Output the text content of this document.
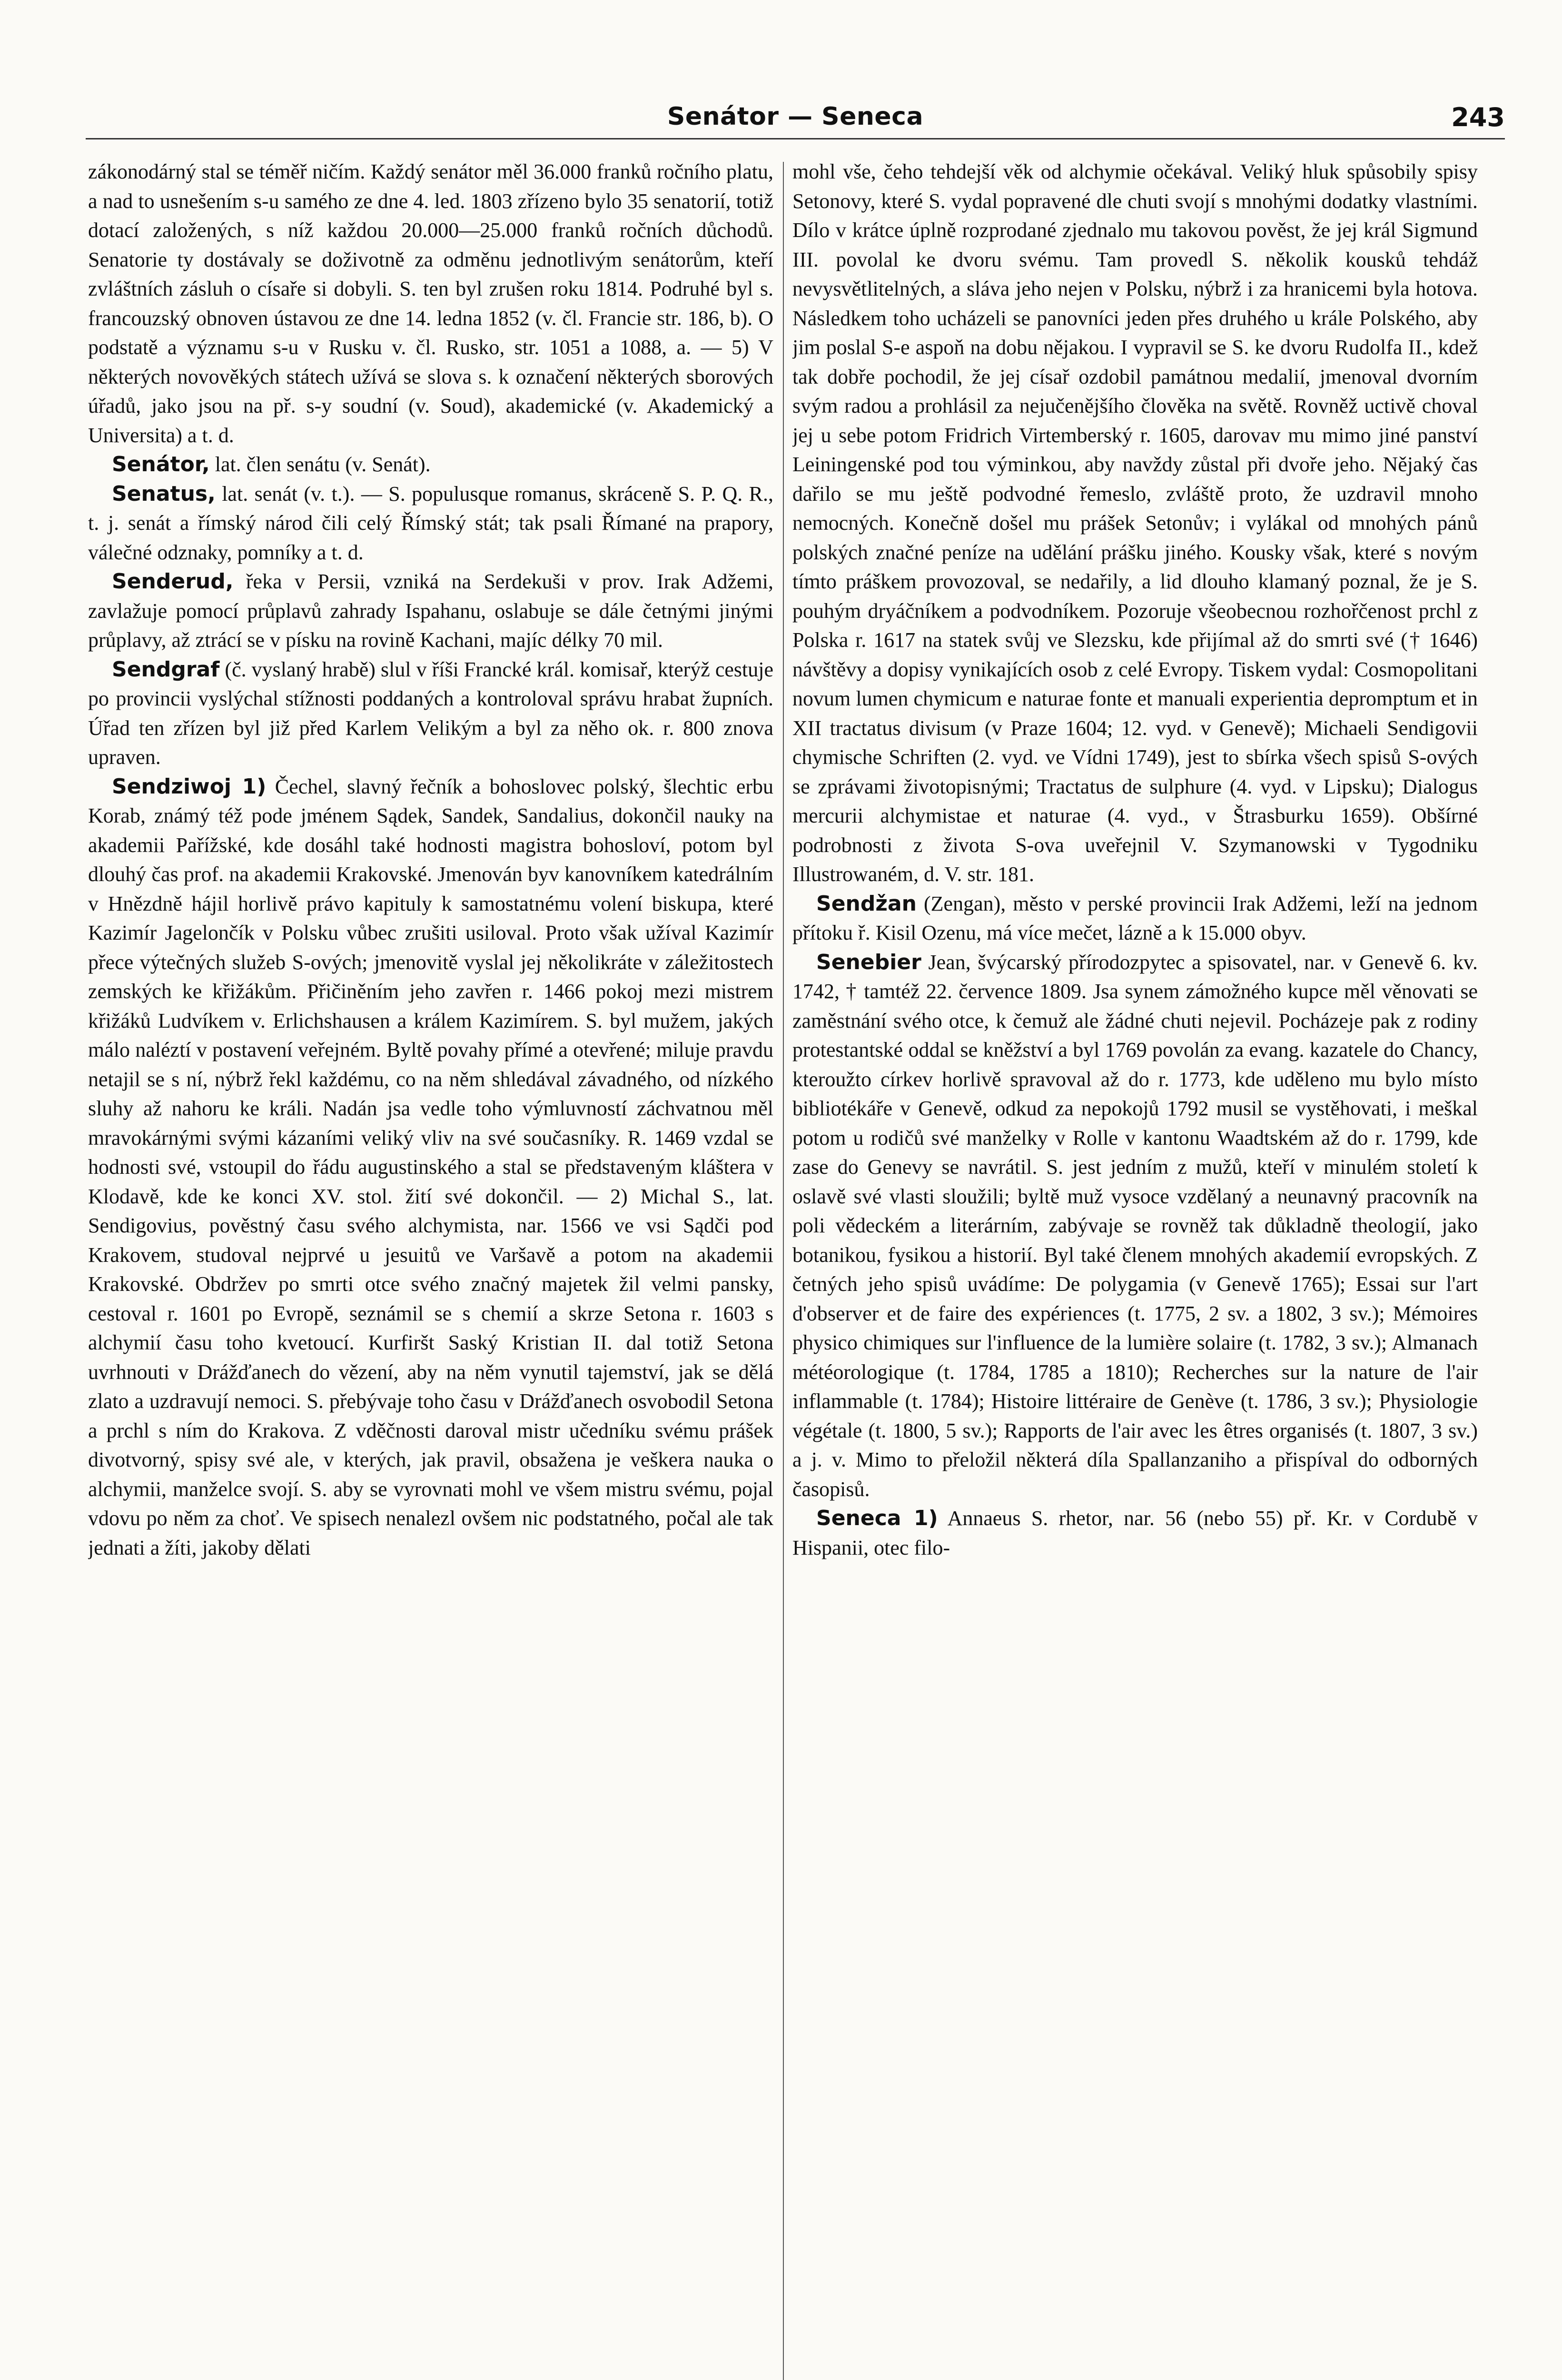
Senátor — Seneca	243

zákonodárný stal se téměř ničím. Každý senátor měl 36.000 franků ročního platu, a nad to usnešením s-u samého ze dne 4. led. 1803 zřízeno bylo 35 senatorií, totiž dotací založených, s níž každou 20.000—25.000 franků ročních důchodů. Senatorie ty dostávaly se doživotně za odměnu jednotlivým senátorům, kteří zvláštních zásluh o císaře si dobyli. S. ten byl zrušen roku 1814. Podruhé byl s. francouzský obnoven ústavou ze dne 14. ledna 1852 (v. čl. Francie str. 186, b). O podstatě a významu s-u v Rusku v. čl. Rusko, str. 1051 a 1088, a. — 5) V některých novověkých státech užívá se slova s. k označení některých sborových úřadů, jako jsou na př. s-y soudní (v. Soud), akademické (v. Akademický a Universita) a t. d.

Senátor, lat. člen senátu (v. Senát).

Senatus, lat. senát (v. t.). — S. populusque romanus, skráceně S. P. Q. R., t. j. senát a římský národ čili celý Římský stát; tak psali Římané na prapory, válečné odznaky, pomníky a t. d.

Senderud, řeka v Persii, vzniká na Serdekuši v prov. Irak Adžemi, zavlažuje pomocí průplavů zahrady Ispahanu, oslabuje se dále četnými jinými průplavy, až ztrácí se v písku na rovině Kachani, majíc délky 70 mil.

Sendgraf (č. vyslaný hrabě) slul v říši Francké král. komisař, kterýž cestuje po provincii vyslýchal stížnosti poddaných a kontroloval správu hrabat župních. Úřad ten zřízen byl již před Karlem Velikým a byl za něho ok. r. 800 znova upraven.

Sendziwoj 1) Čechel, slavný řečník a bohoslovec polský, šlechtic erbu Korab, známý též pode jménem Sądek, Sandek, Sandalius, dokončil nauky na akademii Pařížské, kde dosáhl také hodnosti magistra bohosloví, potom byl dlouhý čas prof. na akademii Krakovské. Jmenován byv kanovníkem katedrálním v Hnězdně hájil horlivě právo kapituly k samostatnému volení biskupa, které Kazimír Jagelončík v Polsku vůbec zrušiti usiloval. Proto však užíval Kazimír přece výtečných služeb S-ových; jmenovitě vyslal jej několikráte v záležitostech zemských ke křižákům. Přičiněním jeho zavřen r. 1466 pokoj mezi mistrem křižáků Ludvíkem v. Erlichshausen a králem Kazimírem. S. byl mužem, jakých málo naléztí v postavení veřejném. Byltě povahy přímé a otevřené; miluje pravdu netajil se s ní, nýbrž řekl každému, co na něm shledával závadného, od nízkého sluhy až nahoru ke králi. Nadán jsa vedle toho výmluvností záchvatnou měl mravokárnými svými kázaními veliký vliv na své současníky. R. 1469 vzdal se hodnosti své, vstoupil do řádu augustinského a stal se představeným kláštera v Klodavě, kde ke konci XV. stol. žití své dokončil. — 2) Michal S., lat. Sendigovius, pověstný času svého alchymista, nar. 1566 ve vsi Sądči pod Krakovem, studoval nejprvé u jesuitů ve Varšavě a potom na akademii Krakovské. Obdržev po smrti otce svého značný majetek žil velmi pansky, cestoval r. 1601 po Evropě, seznámil se s chemií a skrze Setona r. 1603 s alchymií času toho kvetoucí. Kurfiršt Saský Kristian II. dal totiž Setona uvrhnouti v Drážďanech do vězení, aby na něm vynutil tajemství, jak se dělá zlato a uzdravují nemoci. S. přebývaje toho času v Drážďanech osvobodil Setona a prchl s ním do Krakova. Z vděčnosti daroval mistr učedníku svému prášek divotvorný, spisy své ale, v kterých, jak pravil, obsažena je veškera nauka o alchymii, manželce svojí. S. aby se vyrovnati mohl ve všem mistru svému, pojal vdovu po něm za choť. Ve spisech nenalezl ovšem nic podstatného, počal ale tak jednati a žíti, jakoby dělati

mohl vše, čeho tehdejší věk od alchymie očekával. Veliký hluk spůsobily spisy Setonovy, které S. vydal popravené dle chuti svojí s mnohými dodatky vlastními. Dílo v krátce úplně rozprodané zjednalo mu takovou pověst, že jej král Sigmund III. povolal ke dvoru svému. Tam provedl S. několik kousků tehdáž nevysvětlitelných, a sláva jeho nejen v Polsku, nýbrž i za hranicemi byla hotova. Následkem toho ucházeli se panovníci jeden přes druhého u krále Polského, aby jim poslal S-e aspoň na dobu nějakou. I vypravil se S. ke dvoru Rudolfa II., kdež tak dobře pochodil, že jej císař ozdobil památnou medalií, jmenoval dvorním svým radou a prohlásil za nejučenějšího člověka na světě. Rovněž uctivě choval jej u sebe potom Fridrich Virtemberský r. 1605, darovav mu mimo jiné panství Leiningenské pod tou výminkou, aby navždy zůstal při dvoře jeho. Nějaký čas dařilo se mu ještě podvodné řemeslo, zvláště proto, že uzdravil mnoho nemocných. Konečně došel mu prášek Setonův; i vylákal od mnohých pánů polských značné peníze na udělání prášku jiného. Kousky však, které s novým tímto práškem provozoval, se nedařily, a lid dlouho klamaný poznal, že je S. pouhým dryáčníkem a podvodníkem. Pozoruje všeobecnou rozhořčenost prchl z Polska r. 1617 na statek svůj ve Slezsku, kde přijímal až do smrti své († 1646) návštěvy a dopisy vynikajících osob z celé Evropy. Tiskem vydal: Cosmopolitani novum lumen chymicum e naturae fonte et manuali experientia depromptum et in XII tractatus divisum (v Praze 1604; 12. vyd. v Genevě); Michaeli Sendigovii chymische Schriften (2. vyd. ve Vídni 1749), jest to sbírka všech spisů S-ových se zprávami životopisnými; Tractatus de sulphure (4. vyd. v Lipsku); Dialogus mercurii alchymistae et naturae (4. vyd., v Štrasburku 1659). Obšírné podrobnosti z života S-ova uveřejnil V. Szymanowski v Tygodniku Illustrowaném, d. V. str. 181.

Sendžan (Zengan), město v perské provincii Irak Adžemi, leží na jednom přítoku ř. Kisil Ozenu, má více mečet, lázně a k 15.000 obyv.

Senebier Jean, švýcarský přírodozpytec a spisovatel, nar. v Genevě 6. kv. 1742, † tamtéž 22. července 1809. Jsa synem zámožného kupce měl věnovati se zaměstnání svého otce, k čemuž ale žádné chuti nejevil. Pocházeje pak z rodiny protestantské oddal se kněžství a byl 1769 povolán za evang. kazatele do Chancy, kteroužto církev horlivě spravoval až do r. 1773, kde uděleno mu bylo místo bibliotékáře v Genevě, odkud za nepokojů 1792 musil se vystěhovati, i meškal potom u rodičů své manželky v Rolle v kantonu Waadtském až do r. 1799, kde zase do Genevy se navrátil. S. jest jedním z mužů, kteří v minulém století k oslavě své vlasti sloužili; byltě muž vysoce vzdělaný a neunavný pracovník na poli vědeckém a literárním, zabývaje se rovněž tak důkladně theologií, jako botanikou, fysikou a historií. Byl také členem mnohých akademií evropských. Z četných jeho spisů uvádíme: De polygamia (v Genevě 1765); Essai sur l'art d'observer et de faire des expériences (t. 1775, 2 sv. a 1802, 3 sv.); Mémoires physico chimiques sur l'influence de la lumière solaire (t. 1782, 3 sv.); Almanach météorologique (t. 1784, 1785 a 1810); Recherches sur la nature de l'air inflammable (t. 1784); Histoire littéraire de Genève (t. 1786, 3 sv.); Physiologie végétale (t. 1800, 5 sv.); Rapports de l'air avec les êtres organisés (t. 1807, 3 sv.) a j. v. Mimo to přeložil některá díla Spallanzaniho a přispíval do odborných časopisů.

Seneca 1) Annaeus S. rhetor, nar. 56 (nebo 55) př. Kr. v Cordubě v Hispanii, otec filo-
